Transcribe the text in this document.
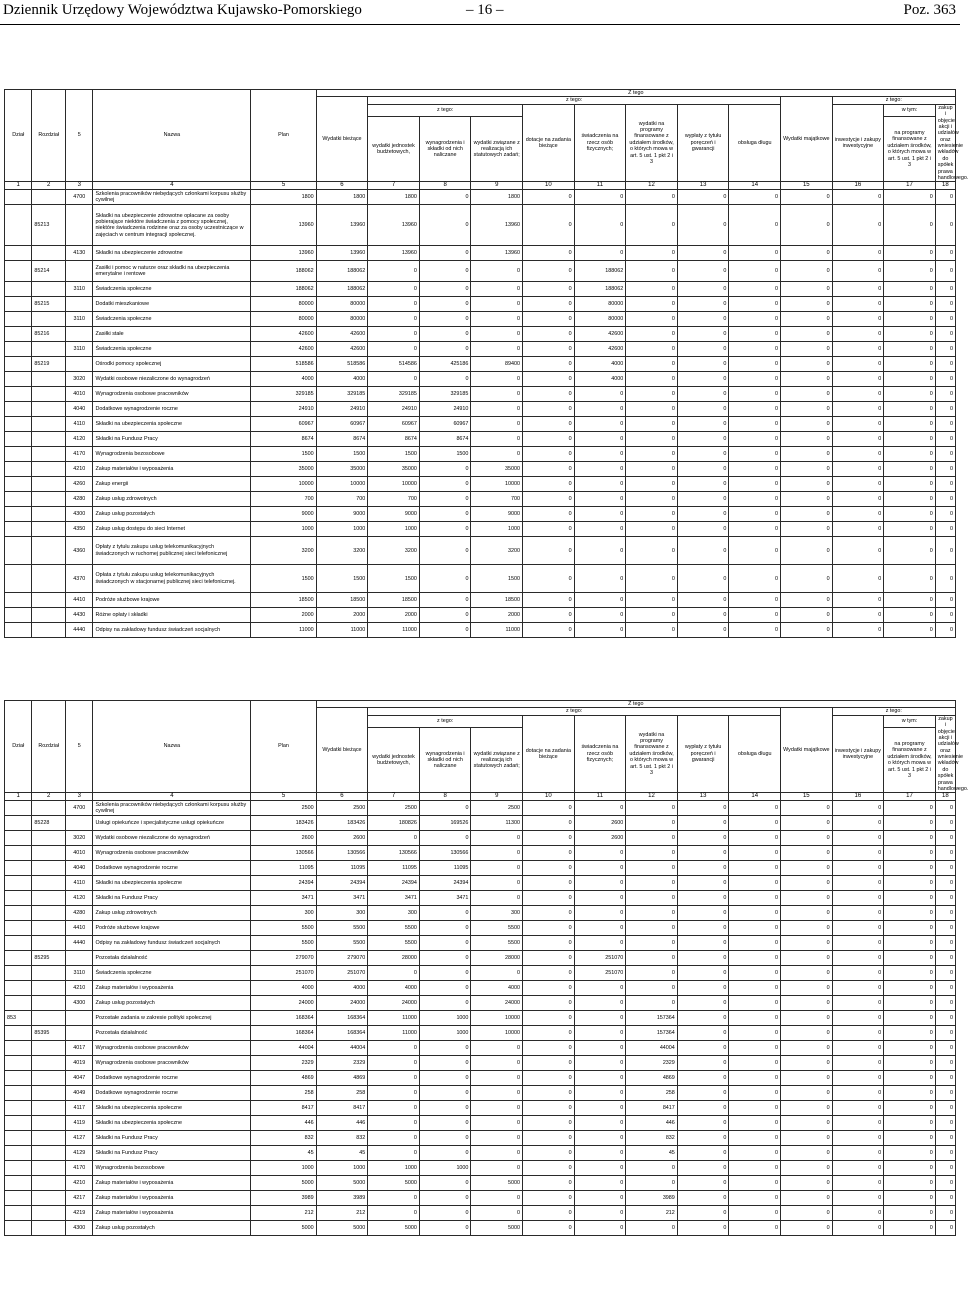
Dziennik Urzędowy Województwa Kujawsko-Pomorskiego	– 16 –	Poz. 363
Dział	Rozdział	5	Nazwa	Plan	Z tego												
					Wydatki bieżące	z tego:								Wydatki majątkowe	z tego:		
						z tego:			dotacje na zadania bieżące	świadczenia na rzecz osób fizycznych;	wydatki na programy finansowane z udziałem środków, o których mowa w art. 5 ust. 1 pkt 2 i 3	wypłaty z tytułu poręczeń i gwarancji	obsługa długu		inwestycje i zakupy inwestycyjne	w tym:	zakup i objęcie akcji i udziałów oraz wniesienie wkładów do spółek prawa handlowego.
						wydatki jednostek budżetowych,	wynagrodzenia i składki od nich naliczane	wydatki związane z realizacją ich statutowych zadań;								na programy finansowane z udziałem środków, o których mowa w art. 5 ust. 1 pkt 2 i 3	
1	2	3	4	5	6	7	8	9	10	11	12	13	14	15	16	17	18
		4700	Szkolenia pracowników niebędących członkami korpusu służby cywilnej	1800	1800	1800	0	1800	0	0	0	0	0	0	0	0	0
	85213		Składki na ubezpieczenie zdrowotne opłacane za osoby pobierające niektóre świadczenia z pomocy społecznej, niektóre świadczenia rodzinne oraz za osoby uczestniczące w zajęciach w centrum integracji społecznej.	13960	13960	13960	0	13960	0	0	0	0	0	0	0	0	0
		4130	Składki na ubezpieczenie zdrowotne	13960	13960	13960	0	13960	0	0	0	0	0	0	0	0	0
	85214		Zasiłki i pomoc w naturze oraz składki na ubezpieczenia emerytalne i rentowe	188062	188062	0	0	0	0	188062	0	0	0	0	0	0	0
		3110	Świadczenia społeczne	188062	188062	0	0	0	0	188062	0	0	0	0	0	0	0
	85215		Dodatki mieszkaniowe	80000	80000	0	0	0	0	80000	0	0	0	0	0	0	0
		3110	Świadczenia społeczne	80000	80000	0	0	0	0	80000	0	0	0	0	0	0	0
	85216		Zasiłki stałe	42600	42600	0	0	0	0	42600	0	0	0	0	0	0	0
		3110	Świadczenia społeczne	42600	42600	0	0	0	0	42600	0	0	0	0	0	0	0
	85219		Ośrodki pomocy społecznej	518586	518586	514586	425186	89400	0	4000	0	0	0	0	0	0	0
		3020	Wydatki osobowe niezaliczone do wynagrodzeń	4000	4000	0	0	0	0	4000	0	0	0	0	0	0	0
		4010	Wynagrodzenia osobowe pracowników	329185	329185	329185	329185	0	0	0	0	0	0	0	0	0	0
		4040	Dodatkowe wynagrodzenie roczne	24910	24910	24910	24910	0	0	0	0	0	0	0	0	0	0
		4110	Składki na ubezpieczenia społeczne	60967	60967	60967	60967	0	0	0	0	0	0	0	0	0	0
		4120	Składki na Fundusz Pracy	8674	8674	8674	8674	0	0	0	0	0	0	0	0	0	0
		4170	Wynagrodzenia bezosobowe	1500	1500	1500	1500	0	0	0	0	0	0	0	0	0	0
		4210	Zakup materiałów i wyposażenia	35000	35000	35000	0	35000	0	0	0	0	0	0	0	0	0
		4260	Zakup energii	10000	10000	10000	0	10000	0	0	0	0	0	0	0	0	0
		4280	Zakup usług zdrowotnych	700	700	700	0	700	0	0	0	0	0	0	0	0	0
		4300	Zakup usług pozostałych	9000	9000	9000	0	9000	0	0	0	0	0	0	0	0	0
		4350	Zakup usług dostępu do sieci Internet	1000	1000	1000	0	1000	0	0	0	0	0	0	0	0	0
		4360	Opłaty z tytułu zakupu usług telekomunikacyjnych świadczonych w ruchomej publicznej sieci telefonicznej	3200	3200	3200	0	3200	0	0	0	0	0	0	0	0	0
		4370	Opłata z tytułu zakupu usług telekomunikacyjnych świadczonych w stacjonarnej publicznej sieci telefonicznej.	1500	1500	1500	0	1500	0	0	0	0	0	0	0	0	0
		4410	Podróże służbowe krajowe	18500	18500	18500	0	18500	0	0	0	0	0	0	0	0	0
		4430	Różne opłaty i składki	2000	2000	2000	0	2000	0	0	0	0	0	0	0	0	0
		4440	Odpisy na zakładowy fundusz świadczeń socjalnych	11000	11000	11000	0	11000	0	0	0	0	0	0	0	0	0
Dział	Rozdział	5	Nazwa	Plan	Z tego												
					Wydatki bieżące	z tego:								Wydatki majątkowe	z tego:		
						z tego:			dotacje na zadania bieżące	świadczenia na rzecz osób fizycznych;	wydatki na programy finansowane z udziałem środków, o których mowa w art. 5 ust. 1 pkt 2 i 3	wypłaty z tytułu poręczeń i gwarancji	obsługa długu		inwestycje i zakupy inwestycyjne	w tym:	zakup i objęcie akcji i udziałów oraz wniesienie wkładów do spółek prawa handlowego.
						wydatki jednostek budżetowych,	wynagrodzenia i składki od nich naliczane	wydatki związane z realizacją ich statutowych zadań;								na programy finansowane z udziałem środków, o których mowa w art. 5 ust. 1 pkt 2 i 3	
1	2	3	4	5	6	7	8	9	10	11	12	13	14	15	16	17	18
		4700	Szkolenia pracowników niebędących członkami korpusu służby cywilnej	2500	2500	2500	0	2500	0	0	0	0	0	0	0	0	0
	85228		Usługi opiekuńcze i specjalistyczne usługi opiekuńcze	183426	183426	180826	169526	11300	0	2600	0	0	0	0	0	0	0
		3020	Wydatki osobowe niezaliczone do wynagrodzeń	2600	2600	0	0	0	0	2600	0	0	0	0	0	0	0
		4010	Wynagrodzenia osobowe pracowników	130566	130566	130566	130566	0	0	0	0	0	0	0	0	0	0
		4040	Dodatkowe wynagrodzenie roczne	11095	11095	11095	11095	0	0	0	0	0	0	0	0	0	0
		4110	Składki na ubezpieczenia społeczne	24394	24394	24394	24394	0	0	0	0	0	0	0	0	0	0
		4120	Składki na Fundusz Pracy	3471	3471	3471	3471	0	0	0	0	0	0	0	0	0	0
		4280	Zakup usług zdrowotnych	300	300	300	0	300	0	0	0	0	0	0	0	0	0
		4410	Podróże służbowe krajowe	5500	5500	5500	0	5500	0	0	0	0	0	0	0	0	0
		4440	Odpisy na zakładowy fundusz świadczeń socjalnych	5500	5500	5500	0	5500	0	0	0	0	0	0	0	0	0
	85295		Pozostała działalność	279070	279070	28000	0	28000	0	251070	0	0	0	0	0	0	0
		3110	Świadczenia społeczne	251070	251070	0	0	0	0	251070	0	0	0	0	0	0	0
		4210	Zakup materiałów i wyposażenia	4000	4000	4000	0	4000	0	0	0	0	0	0	0	0	0
		4300	Zakup usług pozostałych	24000	24000	24000	0	24000	0	0	0	0	0	0	0	0	0
853			Pozostałe zadania w zakresie polityki społecznej	168364	168364	11000	1000	10000	0	0	157364	0	0	0	0	0	0
	85395		Pozostała działalność	168364	168364	11000	1000	10000	0	0	157364	0	0	0	0	0	0
		4017	Wynagrodzenia osobowe pracowników	44004	44004	0	0	0	0	0	44004	0	0	0	0	0	0
		4019	Wynagrodzenia osobowe pracowników	2329	2329	0	0	0	0	0	2329	0	0	0	0	0	0
		4047	Dodatkowe wynagrodzenie roczne	4869	4869	0	0	0	0	0	4869	0	0	0	0	0	0
		4049	Dodatkowe wynagrodzenie roczne	258	258	0	0	0	0	0	258	0	0	0	0	0	0
		4117	Składki na ubezpieczenia społeczne	8417	8417	0	0	0	0	0	8417	0	0	0	0	0	0
		4119	Składki na ubezpieczenia społeczne	446	446	0	0	0	0	0	446	0	0	0	0	0	0
		4127	Składki na Fundusz Pracy	832	832	0	0	0	0	0	832	0	0	0	0	0	0
		4129	Składki na Fundusz Pracy	45	45	0	0	0	0	0	45	0	0	0	0	0	0
		4170	Wynagrodzenia bezosobowe	1000	1000	1000	1000	0	0	0	0	0	0	0	0	0	0
		4210	Zakup materiałów i wyposażenia	5000	5000	5000	0	5000	0	0	0	0	0	0	0	0	0
		4217	Zakup materiałów i wyposażenia	3989	3989	0	0	0	0	0	3989	0	0	0	0	0	0
		4219	Zakup materiałów i wyposażenia	212	212	0	0	0	0	0	212	0	0	0	0	0	0
		4300	Zakup usług pozostałych	5000	5000	5000	0	5000	0	0	0	0	0	0	0	0	0
